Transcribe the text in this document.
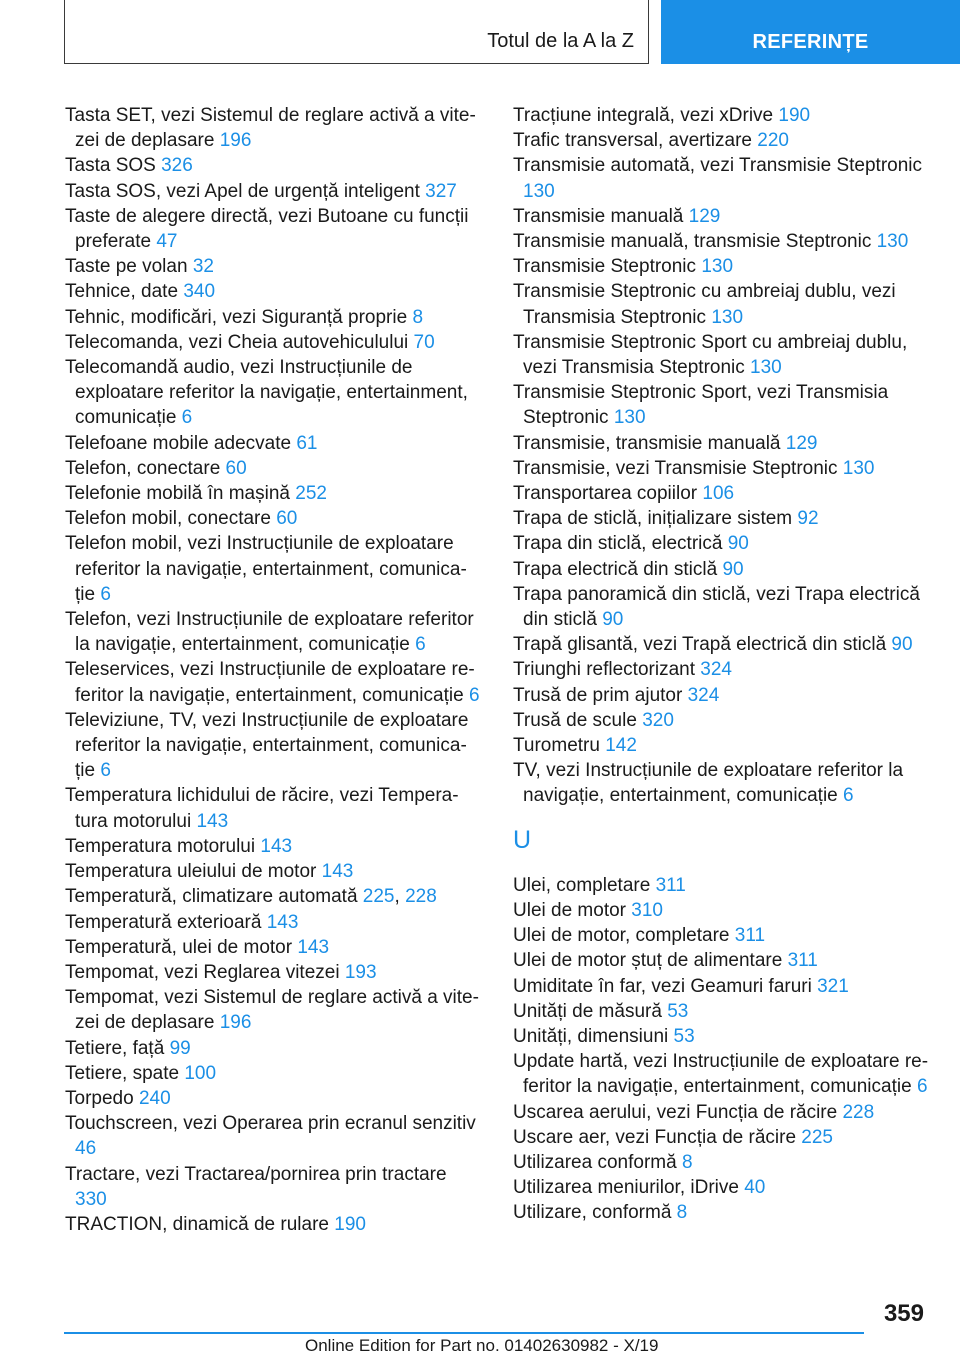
Totul de la A la Z	REFERINȚE
Tasta SET, vezi Sistemul de reglare activă a vitezei de deplasare 196
Tasta SOS 326
Tasta SOS, vezi Apel de urgență inteligent 327
Taste de alegere directă, vezi Butoane cu funcții preferate 47
Taste pe volan 32
Tehnice, date 340
Tehnic, modificări, vezi Siguranță proprie 8
Telecomanda, vezi Cheia autovehiculului 70
Telecomandă audio, vezi Instrucțiunile de exploatare referitor la navigație, entertainment, comunicație 6
Telefoane mobile adecvate 61
Telefon, conectare 60
Telefonie mobilă în mașină 252
Telefon mobil, conectare 60
Telefon mobil, vezi Instrucțiunile de exploatare referitor la navigație, entertainment, comunicație 6
Telefon, vezi Instrucțiunile de exploatare referitor la navigație, entertainment, comunicație 6
Teleservices, vezi Instrucțiunile de exploatare referitor la navigație, entertainment, comunicație 6
Televiziune, TV, vezi Instrucțiunile de exploatare referitor la navigație, entertainment, comunicație 6
Temperatura lichidului de răcire, vezi Temperatura motorului 143
Temperatura motorului 143
Temperatura uleiului de motor 143
Temperatură, climatizare automată 225, 228
Temperatură exterioară 143
Temperatură, ulei de motor 143
Tempomat, vezi Reglarea vitezei 193
Tempomat, vezi Sistemul de reglare activă a vitezei de deplasare 196
Tetiere, față 99
Tetiere, spate 100
Torpedo 240
Touchscreen, vezi Operarea prin ecranul senzitiv 46
Tractare, vezi Tractarea/pornirea prin tractare 330
TRACTION, dinamică de rulare 190
Tracțiune integrală, vezi xDrive 190
Trafic transversal, avertizare 220
Transmisie automată, vezi Transmisie Steptronic 130
Transmisie manuală 129
Transmisie manuală, transmisie Steptronic 130
Transmisie Steptronic 130
Transmisie Steptronic cu ambreiaj dublu, vezi Transmisia Steptronic 130
Transmisie Steptronic Sport cu ambreiaj dublu, vezi Transmisia Steptronic 130
Transmisie Steptronic Sport, vezi Transmisia Steptronic 130
Transmisie, transmisie manuală 129
Transmisie, vezi Transmisie Steptronic 130
Transportarea copiilor 106
Trapa de sticlă, inițializare sistem 92
Trapa din sticlă, electrică 90
Trapa electrică din sticlă 90
Trapa panoramică din sticlă, vezi Trapa electrică din sticlă 90
Trapă glisantă, vezi Trapă electrică din sticlă 90
Triunghi reflectorizant 324
Trusă de prim ajutor 324
Trusă de scule 320
Turometru 142
TV, vezi Instrucțiunile de exploatare referitor la navigație, entertainment, comunicație 6
U
Ulei, completare 311
Ulei de motor 310
Ulei de motor, completare 311
Ulei de motor ștuț de alimentare 311
Umiditate în far, vezi Geamuri faruri 321
Unități de măsură 53
Unități, dimensiuni 53
Update hartă, vezi Instrucțiunile de exploatare referitor la navigație, entertainment, comunicație 6
Uscarea aerului, vezi Funcția de răcire 228
Uscare aer, vezi Funcția de răcire 225
Utilizarea conformă 8
Utilizarea meniurilor, iDrive 40
Utilizare, conformă 8
359
Online Edition for Part no. 01402630982 - X/19
